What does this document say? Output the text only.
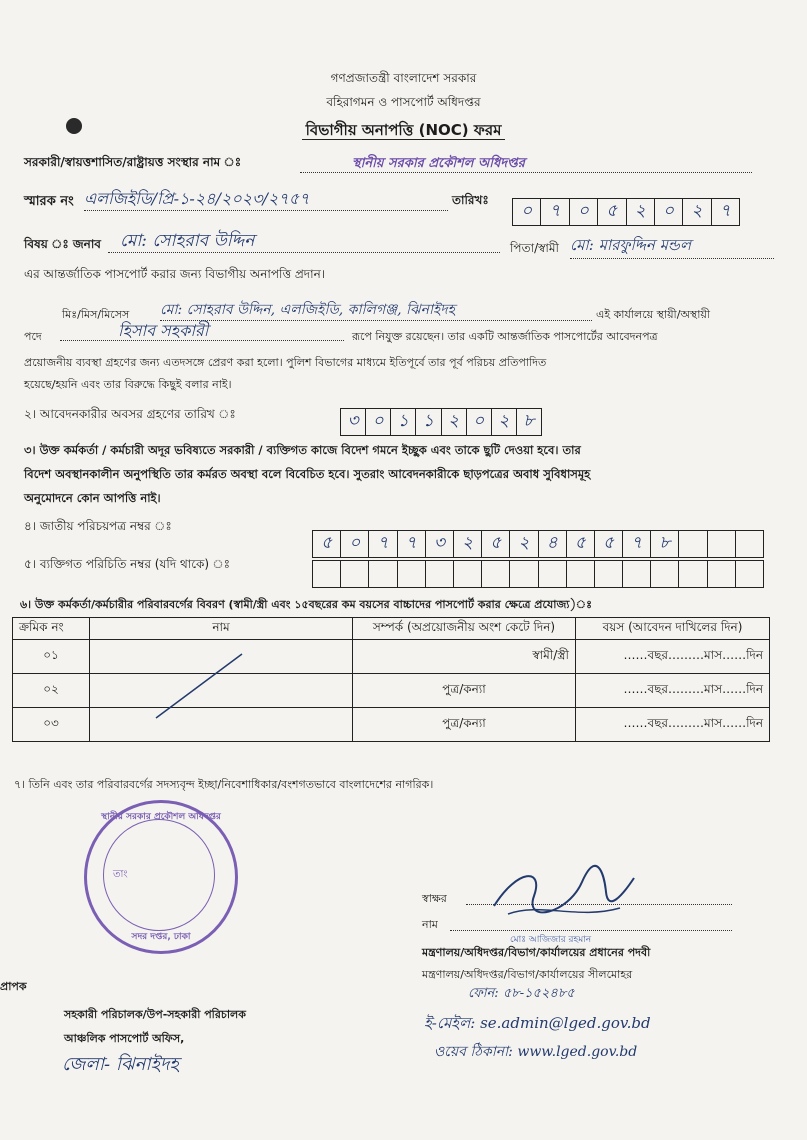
গণপ্রজাতন্ত্রী বাংলাদেশ সরকার
বহিরাগমন ও পাসপোর্ট অধিদপ্তর
বিভাগীয় অনাপত্তি (NOC) ফরম
সরকারী/স্বায়ত্তশাসিত/রাষ্ট্রায়ত্ত সংস্থার নাম ঃ	স্থানীয় সরকার প্রকৌশল অধিদপ্তর
স্মারক নং এলজিইডি/প্রি-১-২৪/২০২৩/২৭৫৭	তারিখঃ
০	৭	০	৫	২	০	২	৭
বিষয় ঃ জনাব	মো: সোহরাব উদ্দিন	পিতা/স্বামী মো: মারফুদ্দিন মন্ডল
এর আন্তর্জাতিক পাসপোর্ট করার জন্য বিভাগীয় অনাপত্তি প্রদান।
মিঃ/মিস/মিসেস মো: সোহরাব উদ্দিন, এলজিইডি, কালিগঞ্জ, ঝিনাইদহ	এই কার্যালয়ে স্থায়ী/অস্থায়ী
পদে	হিসাব সহকারী	রূপে নিযুক্ত রয়েছেন। তার একটি আন্তর্জাতিক পাসপোর্টের আবেদনপত্র
প্রয়োজনীয় ব্যবস্থা গ্রহণের জন্য এতদসঙ্গে প্রেরণ করা হলো। পুলিশ বিভাগের মাধ্যমে ইতিপূর্বে তার পূর্ব পরিচয় প্রতিপাদিত
হয়েছে/হয়নি এবং তার বিরুদ্ধে কিছুই বলার নাই।
২। আবেদনকারীর অবসর গ্রহণের তারিখ ঃ	৩ ০ ১ ১ ২ ০ ২ ৮
৩। উক্ত কর্মকর্তা / কর্মচারী অদূর ভবিষ্যতে সরকারী / ব্যক্তিগত কাজে বিদেশ গমনে ইচ্ছুক এবং তাকে ছুটি দেওয়া হবে। তার
বিদেশ অবস্থানকালীন অনুপস্থিতি তার কর্মরত অবস্থা বলে বিবেচিত হবে। সুতরাং আবেদনকারীকে ছাড়পত্রের অবাধ সুবিধাসমূহ
অনুমোদনে কোন আপত্তি নাই।
৪। জাতীয় পরিচয়পত্র নম্বর ঃ
৫	০	৭	৭	৩	২	৫	২	৪	৫	৫	৭	৮
৫। ব্যক্তিগত পরিচিতি নম্বর (যদি থাকে) ঃ
৬। উক্ত কর্মকর্তা/কর্মচারীর পরিবারবর্গের বিবরণ (স্বামী/স্ত্রী এবং ১৫বছরের কম বয়সের বাচ্চাদের পাসপোর্ট করার ক্ষেত্রে প্রযোজ্য)ঃ
ক্রমিক নং	নাম	সম্পর্ক (অপ্রয়োজনীয় অংশ কেটে দিন)	বয়স (আবেদন দাখিলের দিন)
০১		স্বামী/স্ত্রী	……বছর………মাস……দিন
০২		পুত্র/কন্যা	……বছর………মাস……দিন
০৩		পুত্র/কন্যা	……বছর………মাস……দিন
৭। তিনি এবং তার পরিবারবর্গের সদস্যবৃন্দ ইচ্ছা/নিবেশাধিকার/বংশগতভাবে বাংলাদেশের নাগরিক।
স্থানীয় সরকার প্রকৌশল অধিদপ্তর
তাং
সদর দপ্তর, ঢাকা
স্বাক্ষর
নাম
মোঃ আজিজার রহমান
মন্ত্রণালয়/অধিদপ্তর/বিভাগ/কার্যালয়ের প্রধানের পদবী
মন্ত্রণালয়/অধিদপ্তর/বিভাগ/কার্যালয়ের সীলমোহর
ফোন: ৫৮-১৫২৪৮৫
ই-মেইল: se.admin@lged.gov.bd
ওয়েব ঠিকানা: www.lged.gov.bd
প্রাপক
সহকারী পরিচালক/উপ-সহকারী পরিচালক
আঞ্চলিক পাসপোর্ট অফিস,
জেলা- ঝিনাইদহ
